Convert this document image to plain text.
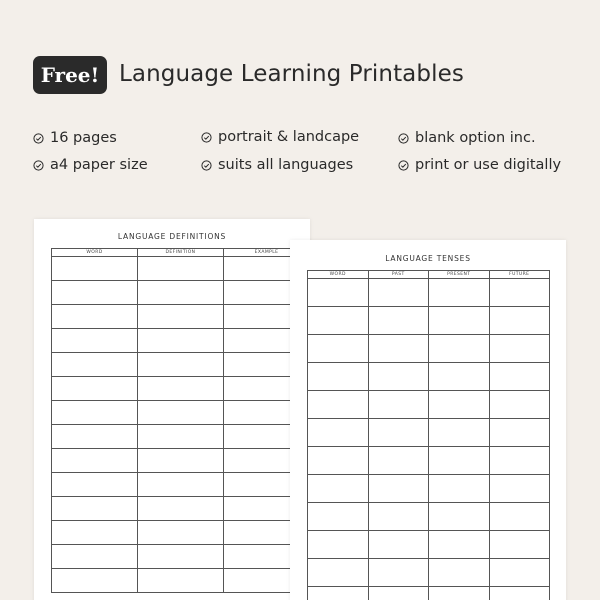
Free! Language Learning Printables
16 pages
a4 paper size
portrait & landcape
suits all languages
blank option inc.
print or use digitally
LANGUAGE DEFINITIONS
WORD	DEFINITION	EXAMPLE

LANGUAGE TENSES
WORD	PAST	PRESENT	FUTURE
